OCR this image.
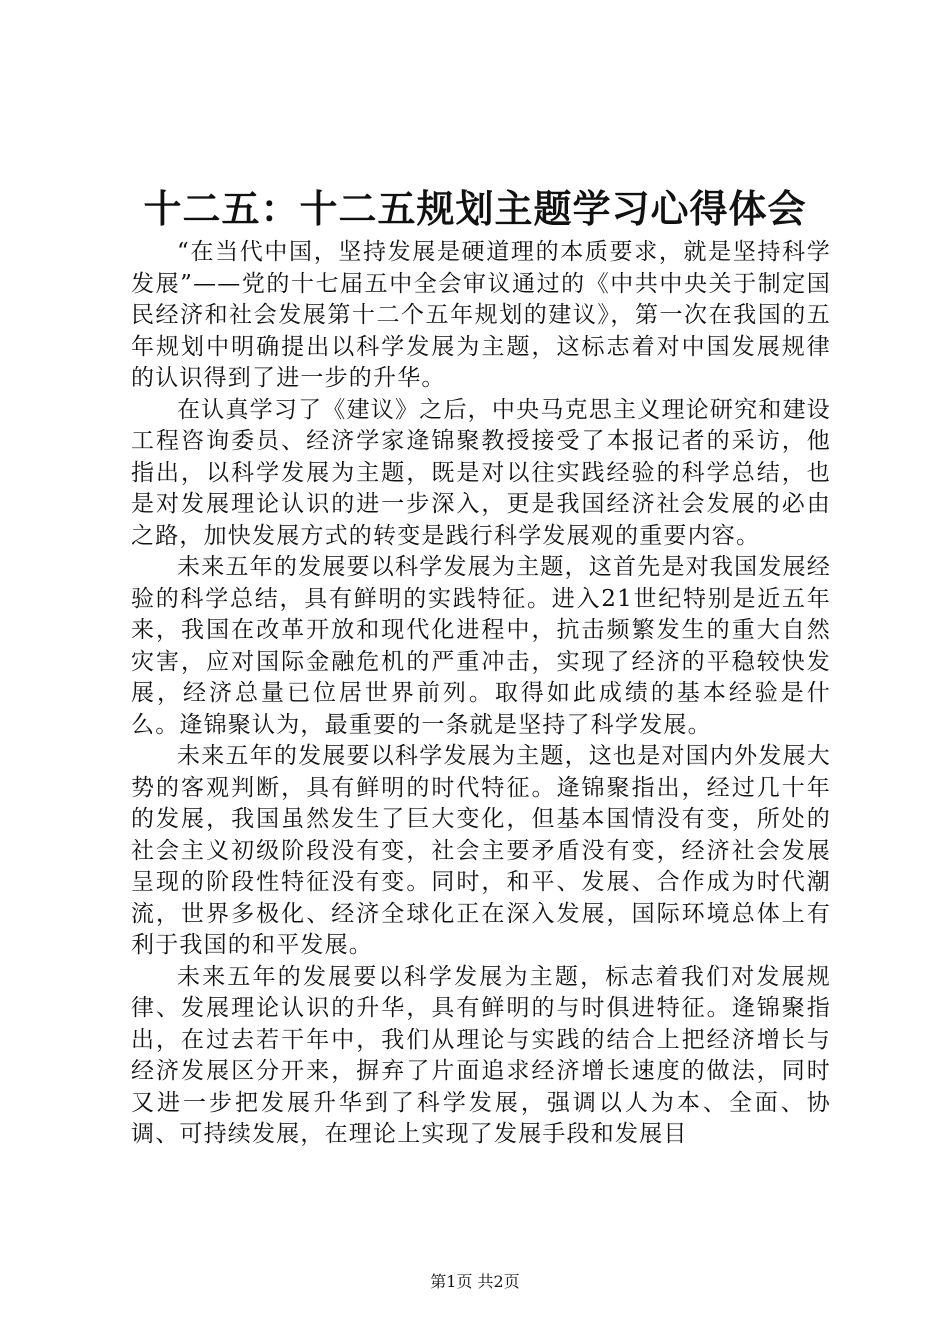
十二五：十二五规划主题学习心得体会

“在当代中国，坚持发展是硬道理的本质要求，就是坚持科学发展”——党的十七届五中全会审议通过的《中共中央关于制定国民经济和社会发展第十二个五年规划的建议》，第一次在我国的五年规划中明确提出以科学发展为主题，这标志着对中国发展规律的认识得到了进一步的升华。

在认真学习了《建议》之后，中央马克思主义理论研究和建设工程咨询委员、经济学家逄锦聚教授接受了本报记者的采访，他指出，以科学发展为主题，既是对以往实践经验的科学总结，也是对发展理论认识的进一步深入，更是我国经济社会发展的必由之路，加快发展方式的转变是践行科学发展观的重要内容。

未来五年的发展要以科学发展为主题，这首先是对我国发展经验的科学总结，具有鲜明的实践特征。进入21世纪特别是近五年来，我国在改革开放和现代化进程中，抗击频繁发生的重大自然灾害，应对国际金融危机的严重冲击，实现了经济的平稳较快发展，经济总量已位居世界前列。取得如此成绩的基本经验是什么。逄锦聚认为，最重要的一条就是坚持了科学发展。

未来五年的发展要以科学发展为主题，这也是对国内外发展大势的客观判断，具有鲜明的时代特征。逄锦聚指出，经过几十年的发展，我国虽然发生了巨大变化，但基本国情没有变，所处的社会主义初级阶段没有变，社会主要矛盾没有变，经济社会发展呈现的阶段性特征没有变。同时，和平、发展、合作成为时代潮流，世界多极化、经济全球化正在深入发展，国际环境总体上有利于我国的和平发展。

未来五年的发展要以科学发展为主题，标志着我们对发展规律、发展理论认识的升华，具有鲜明的与时俱进特征。逄锦聚指出，在过去若干年中，我们从理论与实践的结合上把经济增长与经济发展区分开来，摒弃了片面追求经济增长速度的做法，同时又进一步把发展升华到了科学发展，强调以人为本、全面、协调、可持续发展，在理论上实现了发展手段和发展目

第1页 共2页
